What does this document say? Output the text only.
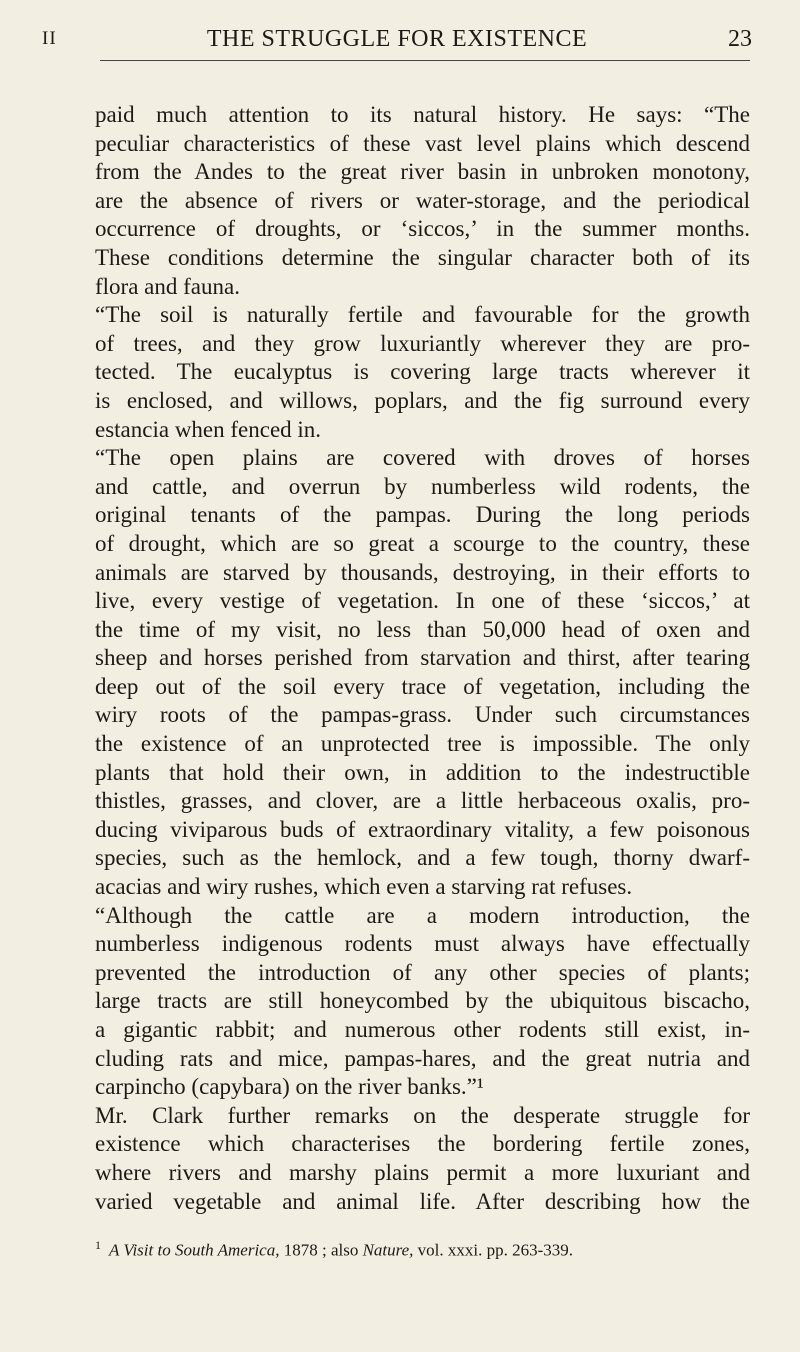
II	THE STRUGGLE FOR EXISTENCE	23
paid much attention to its natural history. He says: “The
peculiar characteristics of these vast level plains which descend
from the Andes to the great river basin in unbroken monotony,
are the absence of rivers or water-storage, and the periodical
occurrence of droughts, or ‘siccos,’ in the summer months.
These conditions determine the singular character both of its
flora and fauna.
“The soil is naturally fertile and favourable for the growth
of trees, and they grow luxuriantly wherever they are pro-
tected. The eucalyptus is covering large tracts wherever it
is enclosed, and willows, poplars, and the fig surround every
estancia when fenced in.
“The open plains are covered with droves of horses
and cattle, and overrun by numberless wild rodents, the
original tenants of the pampas. During the long periods
of drought, which are so great a scourge to the country, these
animals are starved by thousands, destroying, in their efforts to
live, every vestige of vegetation. In one of these ‘siccos,’ at
the time of my visit, no less than 50,000 head of oxen and
sheep and horses perished from starvation and thirst, after tearing
deep out of the soil every trace of vegetation, including the
wiry roots of the pampas-grass. Under such circumstances
the existence of an unprotected tree is impossible. The only
plants that hold their own, in addition to the indestructible
thistles, grasses, and clover, are a little herbaceous oxalis, pro-
ducing viviparous buds of extraordinary vitality, a few poisonous
species, such as the hemlock, and a few tough, thorny dwarf-
acacias and wiry rushes, which even a starving rat refuses.
“Although the cattle are a modern introduction, the
numberless indigenous rodents must always have effectually
prevented the introduction of any other species of plants;
large tracts are still honeycombed by the ubiquitous biscacho,
a gigantic rabbit; and numerous other rodents still exist, in-
cluding rats and mice, pampas-hares, and the great nutria and
carpincho (capybara) on the river banks.”¹
Mr. Clark further remarks on the desperate struggle for
existence which characterises the bordering fertile zones,
where rivers and marshy plains permit a more luxuriant and
varied vegetable and animal life. After describing how the
$^1$ A Visit to South America, 1878 ; also Nature, vol. xxxi. pp. 263-339.
